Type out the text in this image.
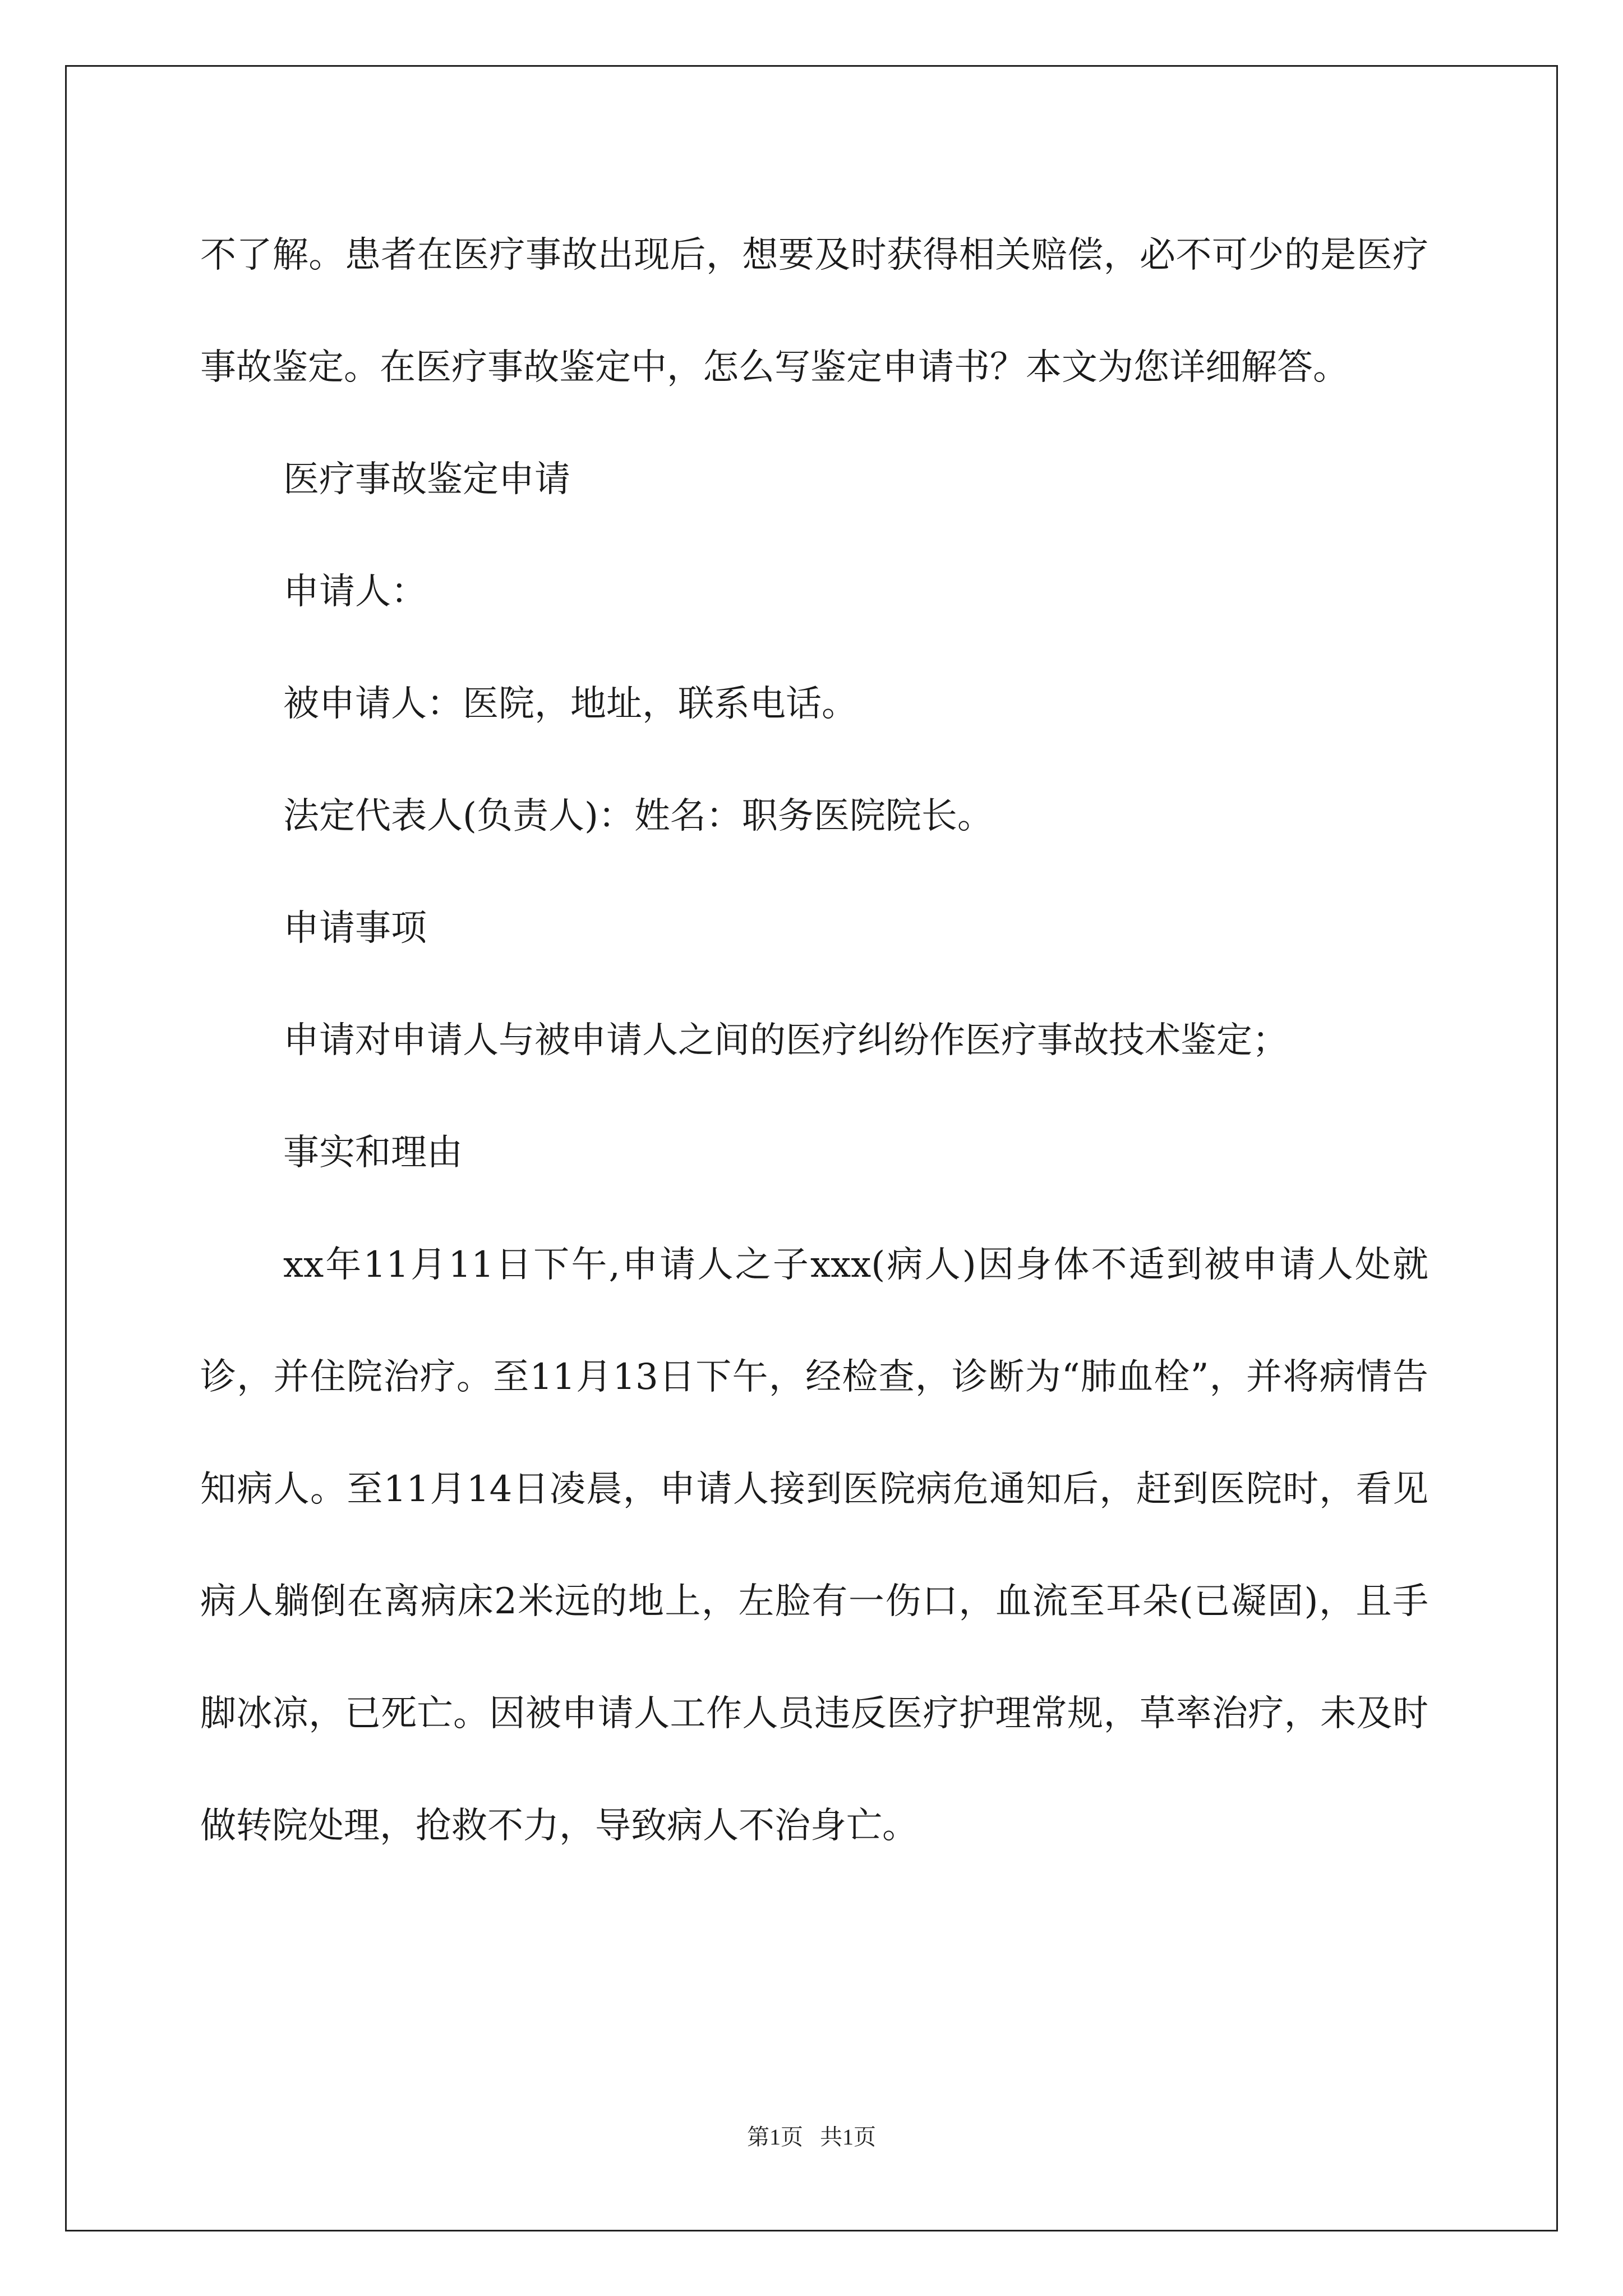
不了解。患者在医疗事故出现后，想要及时获得相关赔偿，必不可少的是医疗事故鉴定。在医疗事故鉴定中，怎么写鉴定申请书？本文为您详细解答。

医疗事故鉴定申请

申请人：

被申请人：医院，地址，联系电话。

法定代表人(负责人)：姓名：职务医院院长。

申请事项

申请对申请人与被申请人之间的医疗纠纷作医疗事故技术鉴定；

事实和理由

xx年11月11日下午,申请人之子xxx(病人)因身体不适到被申请人处就诊，并住院治疗。至11月13日下午，经检查，诊断为“肺血栓”，并将病情告知病人。至11月14日凌晨，申请人接到医院病危通知后，赶到医院时，看见病人躺倒在离病床2米远的地上，左脸有一伤口，血流至耳朵(已凝固)，且手脚冰凉，已死亡。因被申请人工作人员违反医疗护理常规，草率治疗，未及时做转院处理，抢救不力，导致病人不治身亡。

第1页 共1页
